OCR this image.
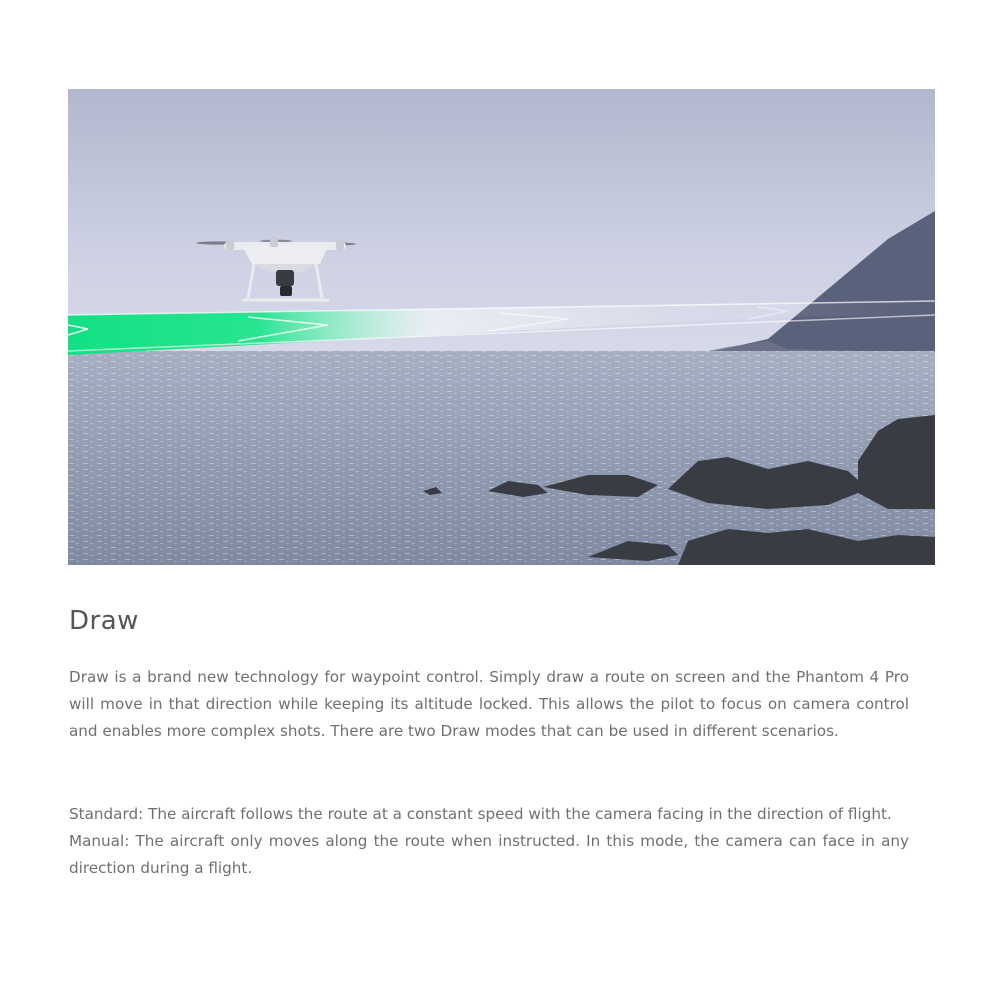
Draw

Draw is a brand new technology for waypoint control. Simply draw a route on screen and the Phantom 4 Pro will move in that direction while keeping its altitude locked. This allows the pilot to focus on camera control and enables more complex shots. There are two Draw modes that can be used in different scenarios.

Standard: The aircraft follows the route at a constant speed with the camera facing in the direction of flight.
Manual: The aircraft only moves along the route when instructed. In this mode, the camera can face in any direction during a flight.
